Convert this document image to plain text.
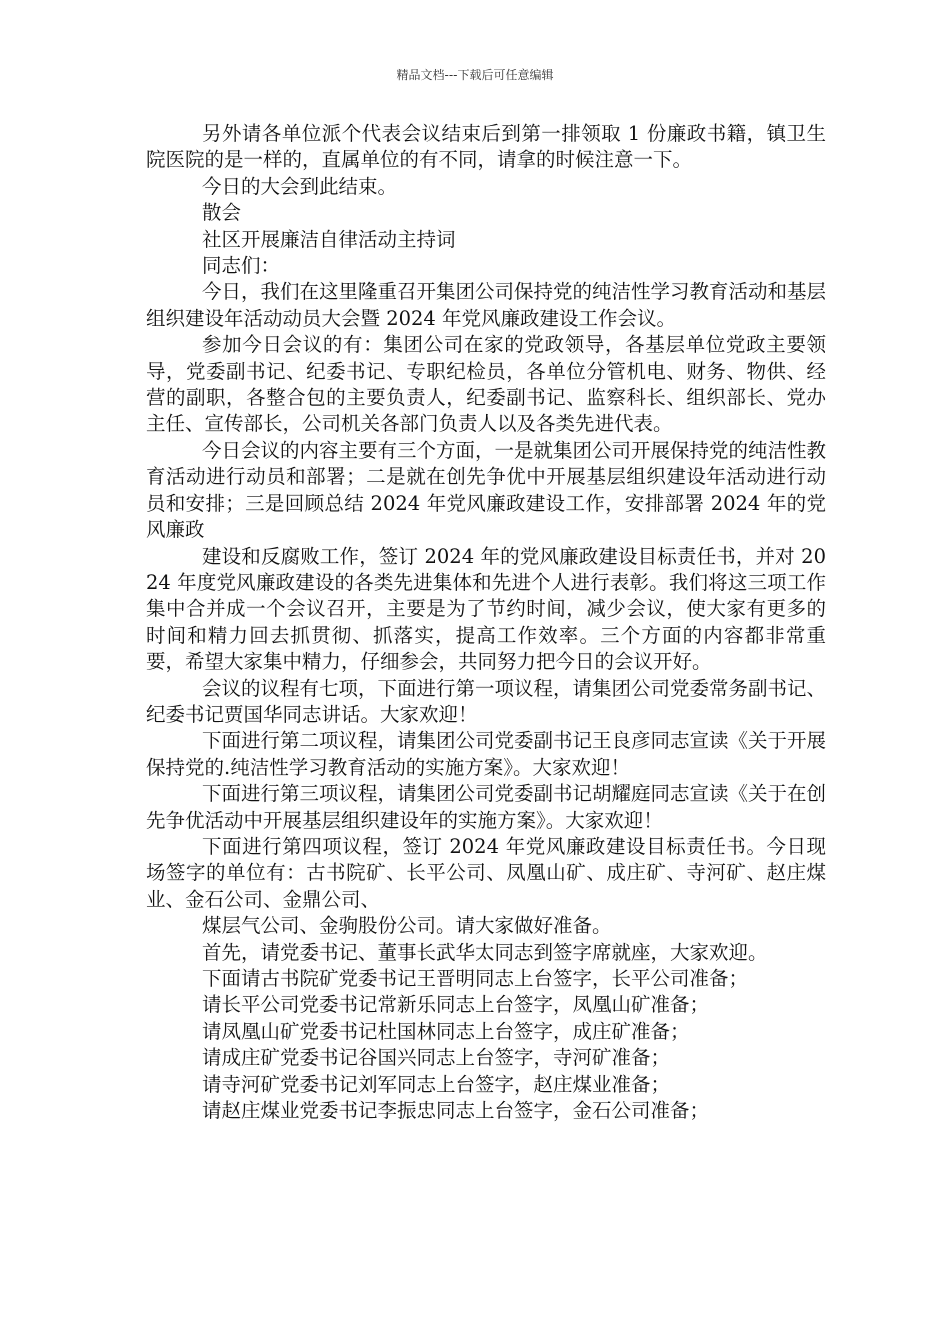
精品文档---下载后可任意编辑

另外请各单位派个代表会议结束后到第一排领取 1 份廉政书籍，镇卫生院医院的是一样的，直属单位的有不同，请拿的时候注意一下。

今日的大会到此结束。

散会

社区开展廉洁自律活动主持词

同志们：

今日，我们在这里隆重召开集团公司保持党的纯洁性学习教育活动和基层组织建设年活动动员大会暨 2024 年党风廉政建设工作会议。

参加今日会议的有：集团公司在家的党政领导，各基层单位党政主要领导，党委副书记、纪委书记、专职纪检员，各单位分管机电、财务、物供、经营的副职，各整合包的主要负责人，纪委副书记、监察科长、组织部长、党办主任、宣传部长，公司机关各部门负责人以及各类先进代表。

今日会议的内容主要有三个方面，一是就集团公司开展保持党的纯洁性教育活动进行动员和部署；二是就在创先争优中开展基层组织建设年活动进行动员和安排；三是回顾总结 2024 年党风廉政建设工作，安排部署 2024 年的党风廉政

建设和反腐败工作，签订 2024 年的党风廉政建设目标责任书，并对 2024 年度党风廉政建设的各类先进集体和先进个人进行表彰。我们将这三项工作集中合并成一个会议召开，主要是为了节约时间，减少会议，使大家有更多的时间和精力回去抓贯彻、抓落实，提高工作效率。三个方面的内容都非常重要，希望大家集中精力，仔细参会，共同努力把今日的会议开好。

会议的议程有七项，下面进行第一项议程，请集团公司党委常务副书记、纪委书记贾国华同志讲话。大家欢迎！

下面进行第二项议程，请集团公司党委副书记王良彦同志宣读《关于开展保持党的.纯洁性学习教育活动的实施方案》。大家欢迎！

下面进行第三项议程，请集团公司党委副书记胡耀庭同志宣读《关于在创先争优活动中开展基层组织建设年的实施方案》。大家欢迎！

下面进行第四项议程，签订 2024 年党风廉政建设目标责任书。今日现场签字的单位有：古书院矿、长平公司、凤凰山矿、成庄矿、寺河矿、赵庄煤业、金石公司、金鼎公司、

煤层气公司、金驹股份公司。请大家做好准备。

首先，请党委书记、董事长武华太同志到签字席就座，大家欢迎。

下面请古书院矿党委书记王晋明同志上台签字，长平公司准备；

请长平公司党委书记常新乐同志上台签字，凤凰山矿准备；

请凤凰山矿党委书记杜国林同志上台签字，成庄矿准备；

请成庄矿党委书记谷国兴同志上台签字，寺河矿准备；

请寺河矿党委书记刘军同志上台签字，赵庄煤业准备；

请赵庄煤业党委书记李振忠同志上台签字，金石公司准备；
